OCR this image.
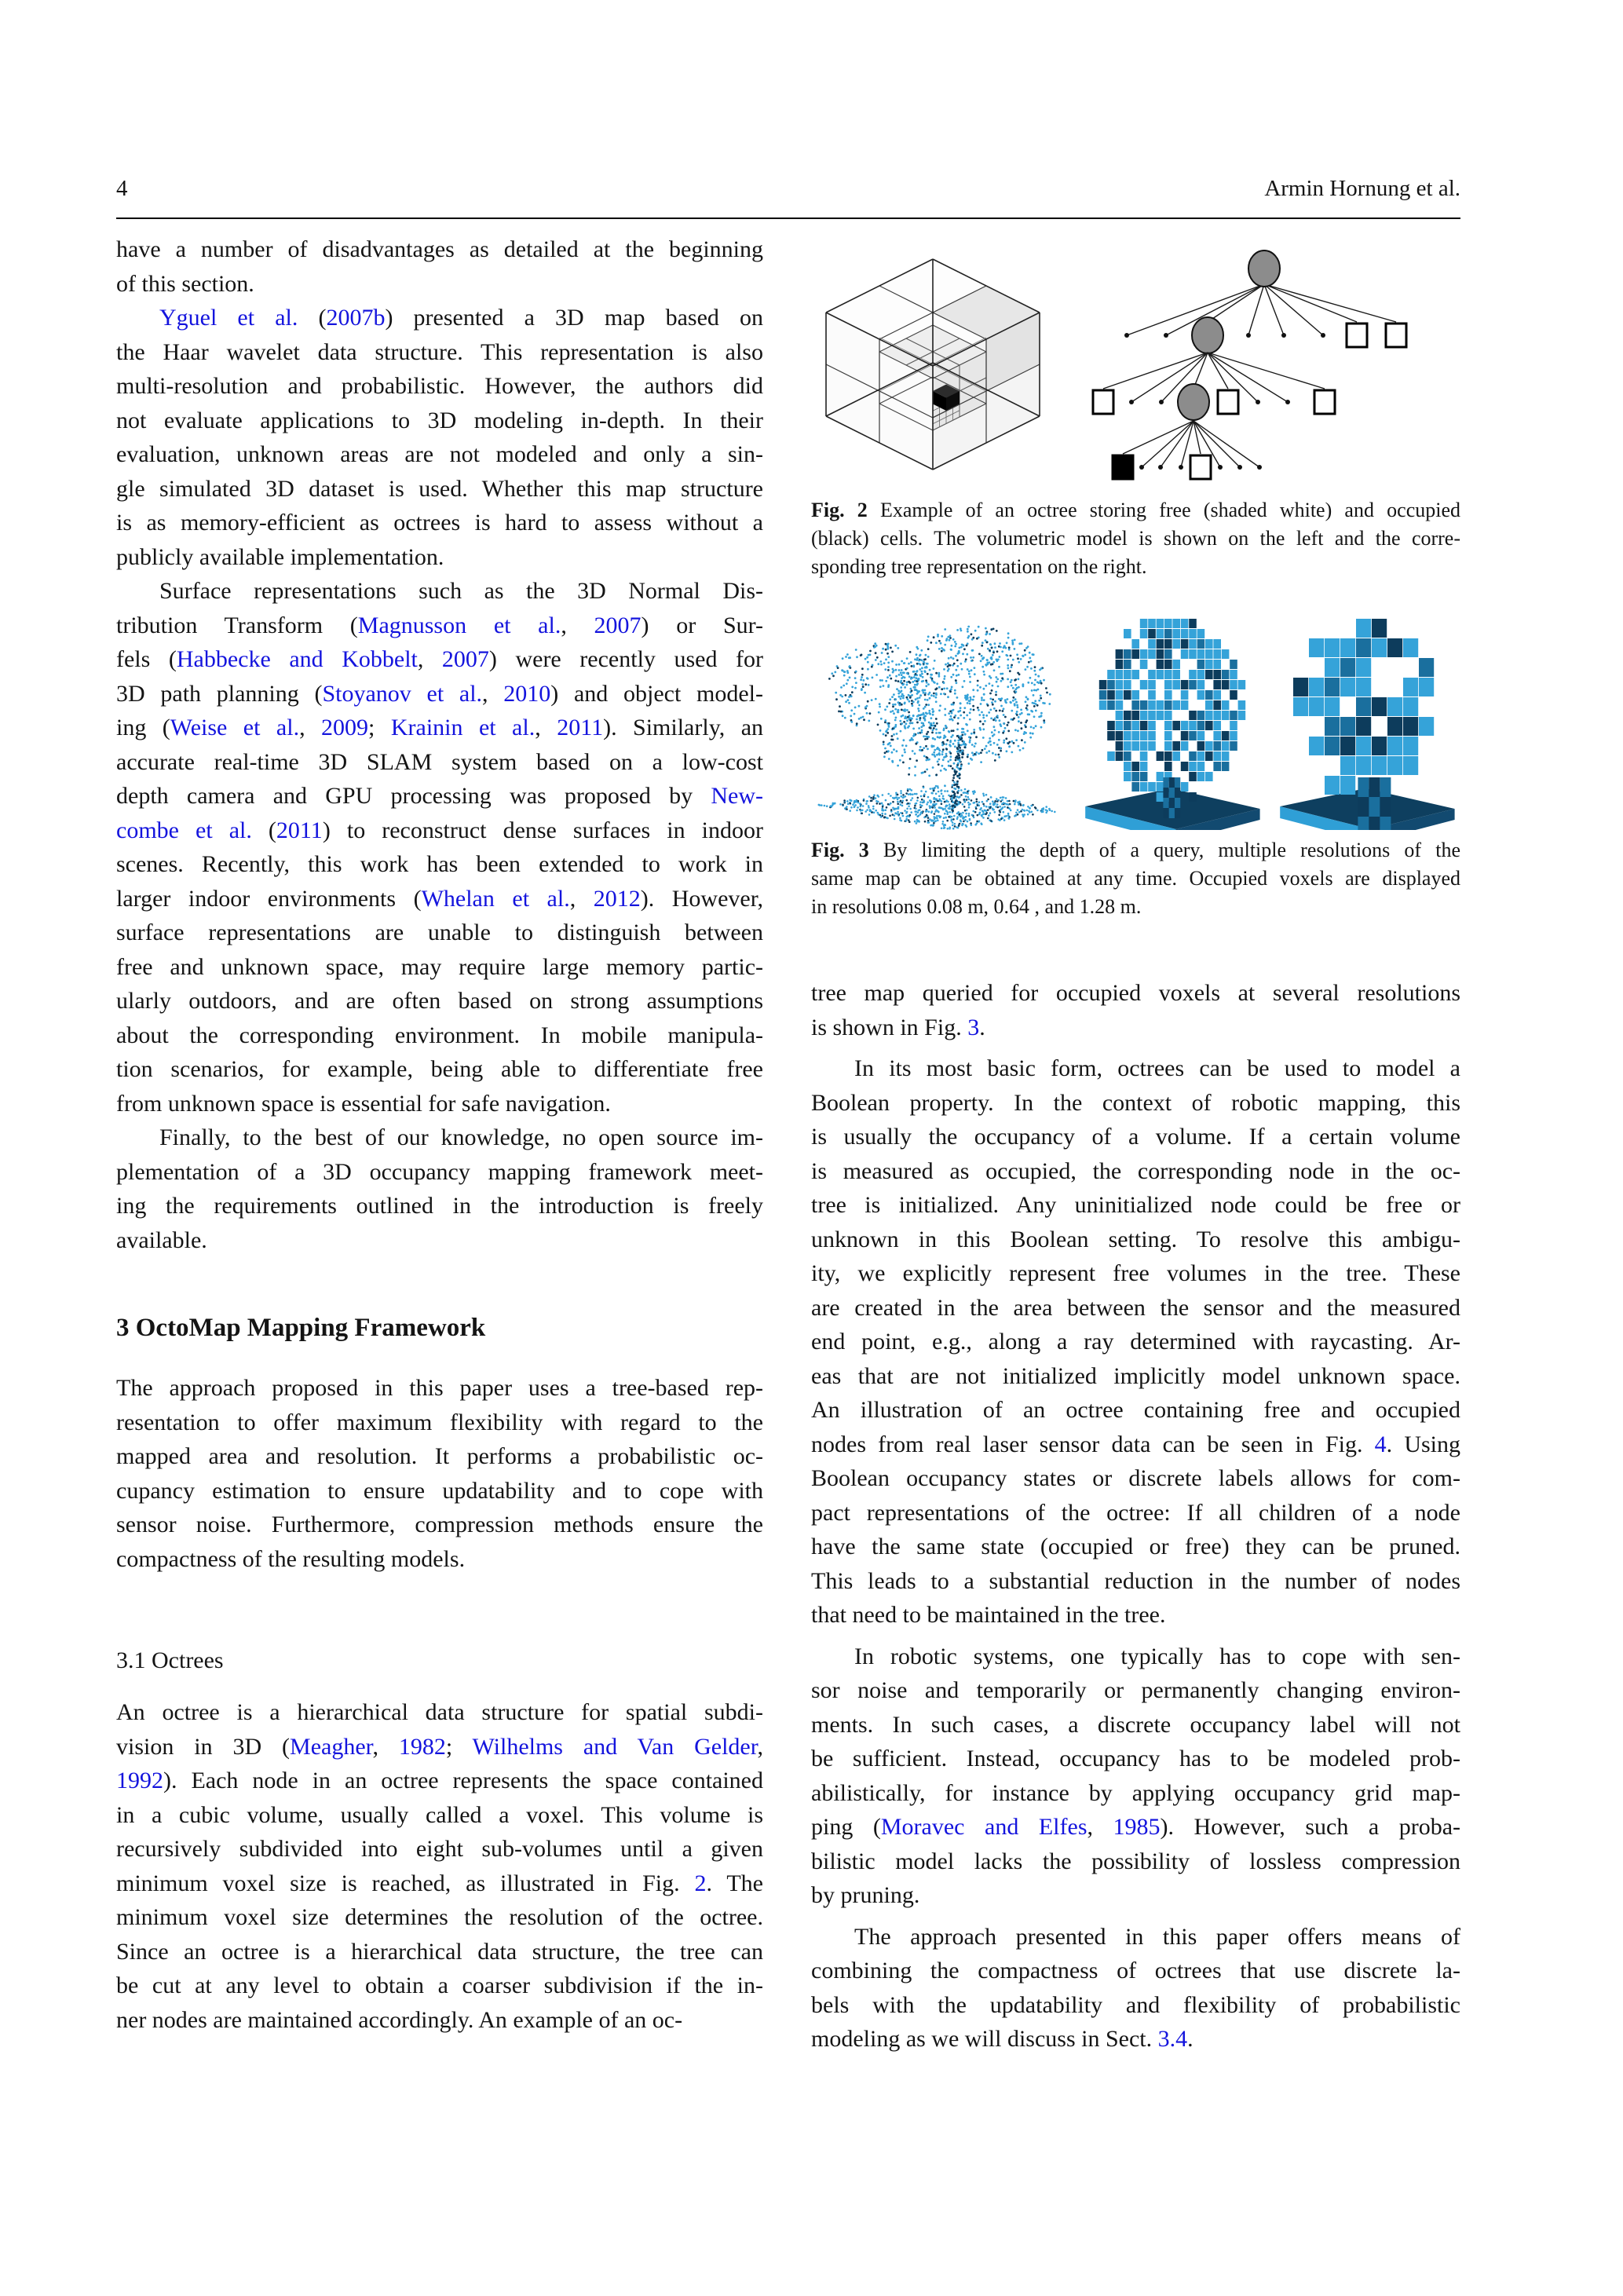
4	Armin Hornung et al.
have a number of disadvantages as detailed at the beginning
of this section.
Yguel et al. (2007b) presented a 3D map based on
the Haar wavelet data structure. This representation is also
multi-resolution and probabilistic. However, the authors did
not evaluate applications to 3D modeling in-depth. In their
evaluation, unknown areas are not modeled and only a sin-
gle simulated 3D dataset is used. Whether this map structure
is as memory-efficient as octrees is hard to assess without a
publicly available implementation.
Surface representations such as the 3D Normal Dis-
tribution Transform (Magnusson et al., 2007) or Sur-
fels (Habbecke and Kobbelt, 2007) were recently used for
3D path planning (Stoyanov et al., 2010) and object model-
ing (Weise et al., 2009; Krainin et al., 2011). Similarly, an
accurate real-time 3D SLAM system based on a low-cost
depth camera and GPU processing was proposed by New-
combe et al. (2011) to reconstruct dense surfaces in indoor
scenes. Recently, this work has been extended to work in
larger indoor environments (Whelan et al., 2012). However,
surface representations are unable to distinguish between
free and unknown space, may require large memory partic-
ularly outdoors, and are often based on strong assumptions
about the corresponding environment. In mobile manipula-
tion scenarios, for example, being able to differentiate free
from unknown space is essential for safe navigation.
Finally, to the best of our knowledge, no open source im-
plementation of a 3D occupancy mapping framework meet-
ing the requirements outlined in the introduction is freely
available.
3 OctoMap Mapping Framework
The approach proposed in this paper uses a tree-based rep-
resentation to offer maximum flexibility with regard to the
mapped area and resolution. It performs a probabilistic oc-
cupancy estimation to ensure updatability and to cope with
sensor noise. Furthermore, compression methods ensure the
compactness of the resulting models.
3.1 Octrees
An octree is a hierarchical data structure for spatial subdi-
vision in 3D (Meagher, 1982; Wilhelms and Van Gelder,
1992). Each node in an octree represents the space contained
in a cubic volume, usually called a voxel. This volume is
recursively subdivided into eight sub-volumes until a given
minimum voxel size is reached, as illustrated in Fig. 2. The
minimum voxel size determines the resolution of the octree.
Since an octree is a hierarchical data structure, the tree can
be cut at any level to obtain a coarser subdivision if the in-
ner nodes are maintained accordingly. An example of an oc-
Fig. 2 Example of an octree storing free (shaded white) and occupied
(black) cells. The volumetric model is shown on the left and the corre-
sponding tree representation on the right.
Fig. 3 By limiting the depth of a query, multiple resolutions of the
same map can be obtained at any time. Occupied voxels are displayed
in resolutions 0.08 m, 0.64 , and 1.28 m.
tree map queried for occupied voxels at several resolutions
is shown in Fig. 3.
In its most basic form, octrees can be used to model a
Boolean property. In the context of robotic mapping, this
is usually the occupancy of a volume. If a certain volume
is measured as occupied, the corresponding node in the oc-
tree is initialized. Any uninitialized node could be free or
unknown in this Boolean setting. To resolve this ambigu-
ity, we explicitly represent free volumes in the tree. These
are created in the area between the sensor and the measured
end point, e.g., along a ray determined with raycasting. Ar-
eas that are not initialized implicitly model unknown space.
An illustration of an octree containing free and occupied
nodes from real laser sensor data can be seen in Fig. 4. Using
Boolean occupancy states or discrete labels allows for com-
pact representations of the octree: If all children of a node
have the same state (occupied or free) they can be pruned.
This leads to a substantial reduction in the number of nodes
that need to be maintained in the tree.
In robotic systems, one typically has to cope with sen-
sor noise and temporarily or permanently changing environ-
ments. In such cases, a discrete occupancy label will not
be sufficient. Instead, occupancy has to be modeled prob-
abilistically, for instance by applying occupancy grid map-
ping (Moravec and Elfes, 1985). However, such a proba-
bilistic model lacks the possibility of lossless compression
by pruning.
The approach presented in this paper offers means of
combining the compactness of octrees that use discrete la-
bels with the updatability and flexibility of probabilistic
modeling as we will discuss in Sect. 3.4.
